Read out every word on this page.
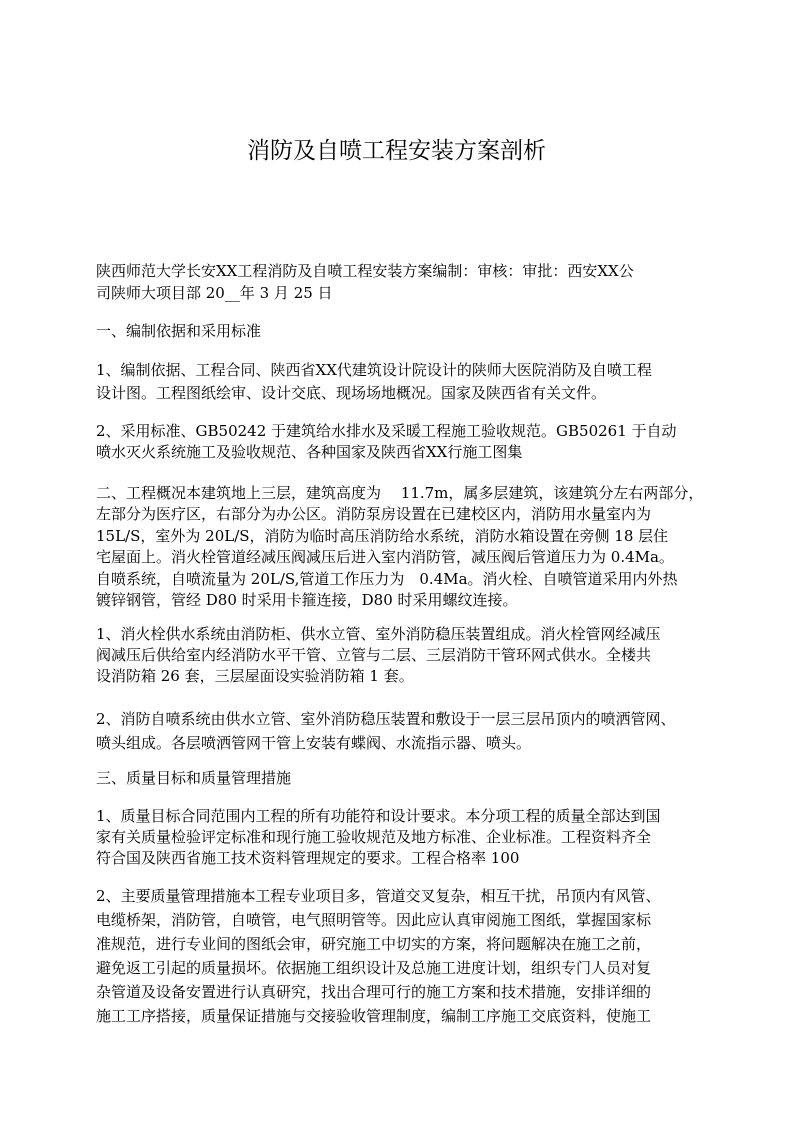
消防及自喷工程安装方案剖析
陕西师范大学长安XX工程消防及自喷工程安装方案编制：审核：审批：西安XX公
司陕师大项目部 20__年 3 月 25 日
一、编制依据和采用标准
1、编制依据、工程合同、陕西省XX代建筑设计院设计的陕师大医院消防及自喷工程
设计图。工程图纸绘审、设计交底、现场场地概况。国家及陕西省有关文件。
2、采用标准、GB50242 于建筑给水排水及采暖工程施工验收规范。GB50261 于自动
喷水灭火系统施工及验收规范、各种国家及陕西省XX行施工图集
二、工程概况本建筑地上三层，建筑高度为　 11.7m，属多层建筑，该建筑分左右两部分，
左部分为医疗区，右部分为办公区。消防泵房设置在已建校区内，消防用水量室内为
15L/S，室外为 20L/S，消防为临时高压消防给水系统，消防水箱设置在旁侧 18 层住
宅屋面上。消火栓管道经减压阀减压后进入室内消防管，减压阀后管道压力为 0.4Ma。
自喷系统，自喷流量为 20L/S,管道工作压力为　0.4Ma。消火栓、自喷管道采用内外热
镀锌钢管，管经 D80 时采用卡箍连接，D80 时采用螺纹连接。
1、消火栓供水系统由消防柜、供水立管、室外消防稳压装置组成。消火栓管网经减压
阀减压后供给室内经消防水平干管、立管与二层、三层消防干管环网式供水。全楼共
设消防箱 26 套，三层屋面设实验消防箱 1 套。
2、消防自喷系统由供水立管、室外消防稳压装置和敷设于一层三层吊顶内的喷洒管网、
喷头组成。各层喷洒管网干管上安装有蝶阀、水流指示器、喷头。
三、质量目标和质量管理措施
1、质量目标合同范围内工程的所有功能符和设计要求。本分项工程的质量全部达到国
家有关质量检验评定标准和现行施工验收规范及地方标准、企业标准。工程资料齐全
符合国及陕西省施工技术资料管理规定的要求。工程合格率 100
2、主要质量管理措施本工程专业项目多，管道交叉复杂，相互干扰，吊顶内有风管、
电缆桥架，消防管，自喷管，电气照明管等。因此应认真审阅施工图纸，掌握国家标
准规范，进行专业间的图纸会审，研究施工中切实的方案，将问题解决在施工之前，
避免返工引起的质量损坏。依据施工组织设计及总施工进度计划，组织专门人员对复
杂管道及设备安置进行认真研究，找出合理可行的施工方案和技术措施，安排详细的
施工工序搭接，质量保证措施与交接验收管理制度，编制工序施工交底资料，使施工
